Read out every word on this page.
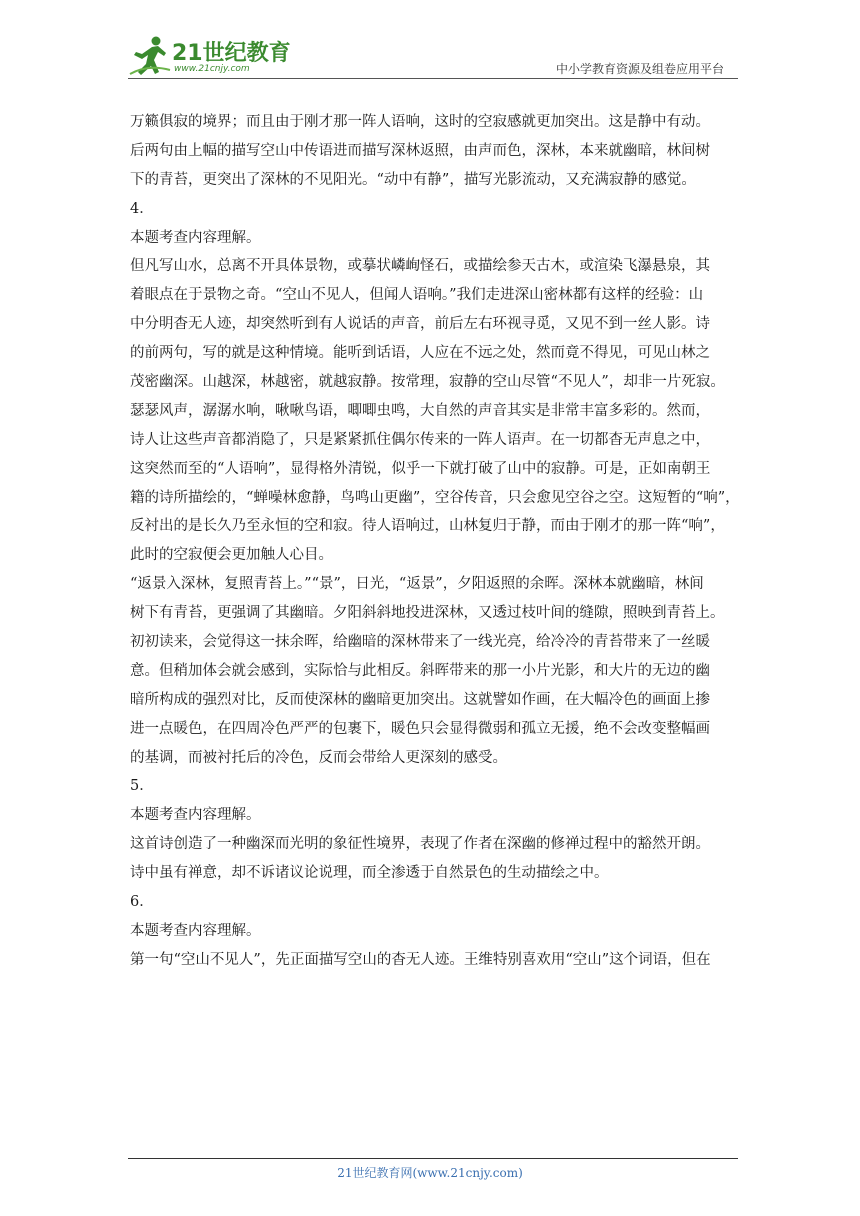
21世纪教育
www.21cnjy.com	中小学教育资源及组卷应用平台
万籁俱寂的境界；而且由于刚才那一阵人语响，这时的空寂感就更加突出。这是静中有动。
后两句由上幅的描写空山中传语进而描写深林返照，由声而色，深林，本来就幽暗，林间树
下的青苔，更突出了深林的不见阳光。“动中有静”，描写光影流动，又充满寂静的感觉。
4．
本题考查内容理解。
但凡写山水，总离不开具体景物，或摹状嶙峋怪石，或描绘参天古木，或渲染飞瀑悬泉，其
着眼点在于景物之奇。“空山不见人，但闻人语响。”我们走进深山密林都有这样的经验：山
中分明杳无人迹，却突然听到有人说话的声音，前后左右环视寻觅，又见不到一丝人影。诗
的前两句，写的就是这种情境。能听到话语，人应在不远之处，然而竟不得见，可见山林之
茂密幽深。山越深，林越密，就越寂静。按常理，寂静的空山尽管“不见人”，却非一片死寂。
瑟瑟风声，潺潺水响，啾啾鸟语，唧唧虫鸣，大自然的声音其实是非常丰富多彩的。然而，
诗人让这些声音都消隐了，只是紧紧抓住偶尔传来的一阵人语声。在一切都杳无声息之中，
这突然而至的“人语响”，显得格外清锐，似乎一下就打破了山中的寂静。可是，正如南朝王
籍的诗所描绘的，“蝉噪林愈静，鸟鸣山更幽”，空谷传音，只会愈见空谷之空。这短暂的“响”，
反衬出的是长久乃至永恒的空和寂。待人语响过，山林复归于静，而由于刚才的那一阵“响”，
此时的空寂便会更加触人心目。
“返景入深林，复照青苔上。”“景”，日光，“返景”，夕阳返照的余晖。深林本就幽暗，林间
树下有青苔，更强调了其幽暗。夕阳斜斜地投进深林，又透过枝叶间的缝隙，照映到青苔上。
初初读来，会觉得这一抹余晖，给幽暗的深林带来了一线光亮，给冷冷的青苔带来了一丝暖
意。但稍加体会就会感到，实际恰与此相反。斜晖带来的那一小片光影，和大片的无边的幽
暗所构成的强烈对比，反而使深林的幽暗更加突出。这就譬如作画，在大幅冷色的画面上掺
进一点暖色，在四周冷色严严的包裹下，暖色只会显得微弱和孤立无援，绝不会改变整幅画
的基调，而被衬托后的冷色，反而会带给人更深刻的感受。
5．
本题考查内容理解。
这首诗创造了一种幽深而光明的象征性境界，表现了作者在深幽的修禅过程中的豁然开朗。
诗中虽有禅意，却不诉诸议论说理，而全渗透于自然景色的生动描绘之中。
6．
本题考查内容理解。
第一句“空山不见人”，先正面描写空山的杳无人迹。王维特别喜欢用“空山”这个词语，但在
21世纪教育网(www.21cnjy.com)
